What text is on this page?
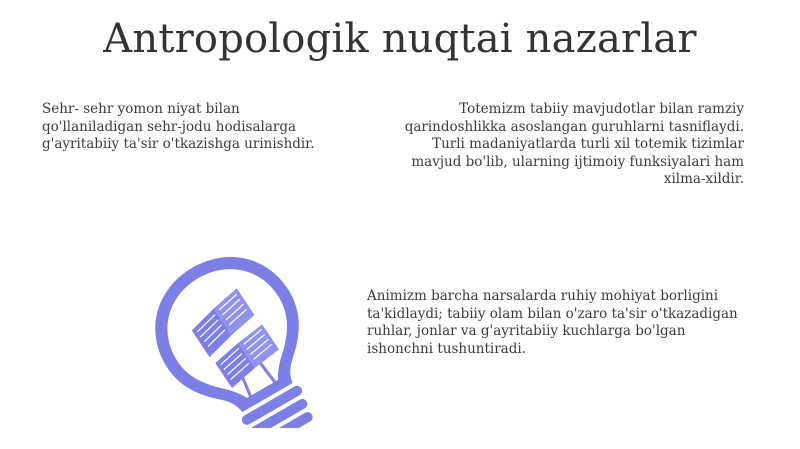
Antropologik nuqtai nazarlar

Sehr- sehr yomon niyat bilan qo'llaniladigan sehr-jodu hodisalarga g'ayritabiiy ta'sir o'tkazishga urinishdir.

Totemizm tabiiy mavjudotlar bilan ramziy qarindoshlikka asoslangan guruhlarni tasniflaydi. Turli madaniyatlarda turli xil totemik tizimlar mavjud bo'lib, ularning ijtimoiy funksiyalari ham xilma-xildir.

Animizm barcha narsalarda ruhiy mohiyat borligini ta'kidlaydi; tabiiy olam bilan o'zaro ta'sir o'tkazadigan ruhlar, jonlar va g'ayritabiiy kuchlarga bo'lgan ishonchni tushuntiradi.
